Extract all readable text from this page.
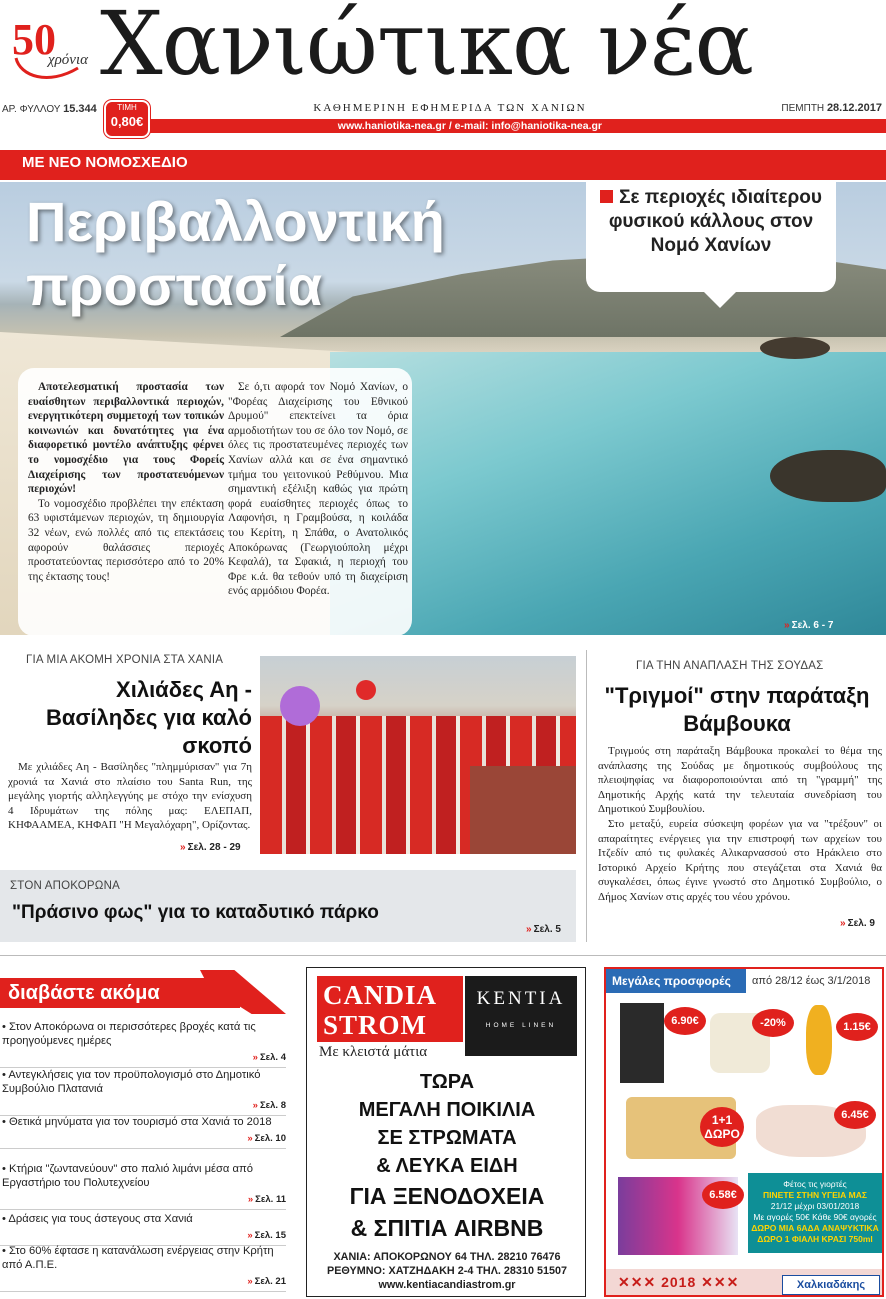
50
χρόνια Χανιώτικα νέα
ΑΡ. ΦΥΛΛΟΥ 15.344	ΤΙΜΗ
0,80€
ΚΑΘΗΜΕΡΙΝΗ ΕΦΗΜΕΡΙΔΑ ΤΩΝ ΧΑΝΙΩΝ	ΠΕΜΠΤΗ 28.12.2017
www.haniotika-nea.gr / e-mail: info@haniotika-nea.gr
ΜΕ ΝΕΟ ΝΟΜΟΣΧΕΔΙΟ
Περιβαλλοντική
προστασία
Σε περιοχές ιδιαίτερου φυσικού κάλλους στον Νομό Χανίων
Αποτελεσματική προστασία των ευαίσθητων περιβαλλοντικά περιοχών, ενεργητικότερη συμμετοχή των τοπικών κοινωνιών και δυνατότητες για ένα διαφορετικό μοντέλο ανάπτυξης φέρνει το νομοσχέδιο για τους Φορείς Διαχείρισης των προστατευόμενων περιοχών!
Το νομοσχέδιο προβλέπει την επέκταση 63 υφιστάμενων περιοχών, τη δημιουργία 32 νέων, ενώ πολλές από τις επεκτάσεις αφορούν θαλάσσιες περιοχές προστατεύοντας περισσότερο από το 20% της έκτασης τους!
Σε ό,τι αφορά τον Νομό Χανίων, ο "Φορέας Διαχείρισης του Εθνικού Δρυμού" επεκτείνει τα όρια αρμοδιοτήτων του σε όλο τον Νομό, σε όλες τις προστατευμένες περιοχές των Χανίων αλλά και σε ένα σημαντικό τμήμα του γειτονικού Ρεθύμνου. Μια σημαντική εξέλιξη καθώς για πρώτη φορά ευαίσθητες περιοχές όπως το Λαφονήσι, η Γραμβούσα, η κοιλάδα του Κερίτη, η Σπάθα, ο Ανατολικός Αποκόρωνας (Γεωργιούπολη μέχρι Κεφαλά), τα Σφακιά, η περιοχή του Φρε κ.ά. θα τεθούν υπό τη διαχείριση ενός αρμόδιου Φορέα.
» Σελ. 6 - 7
ΓΙΑ ΜΙΑ ΑΚΟΜΗ ΧΡΟΝΙΑ ΣΤΑ ΧΑΝΙΑ
Χιλιάδες Αη - Βασίληδες για καλό σκοπό
Με χιλιάδες Αη - Βασίληδες "πλημμύρισαν" για 7η χρονιά τα Χανιά στο πλαίσιο του Santa Run, της μεγάλης γιορτής αλληλεγγύης με στόχο την ενίσχυση 4 Ιδρυμάτων της πόλης μας: ΕΛΕΠΑΠ, ΚΗΦΑΑΜΕΑ, ΚΗΦΑΠ "Η Μεγαλόχαρη", Ορίζοντας.
» Σελ. 28 - 29
ΓΙΑ ΤΗΝ ΑΝΑΠΛΑΣΗ ΤΗΣ ΣΟΥΔΑΣ
"Τριγμοί" στην παράταξη Βάμβουκα
Τριγμούς στη παράταξη Βάμβουκα προκαλεί το θέμα της ανάπλασης της Σούδας με δημοτικούς συμβούλους της πλειοψηφίας να διαφοροποιούνται από τη "γραμμή" της Δημοτικής Αρχής κατά την τελευταία συνεδρίαση του Δημοτικού Συμβουλίου.
Στο μεταξύ, ευρεία σύσκεψη φορέων για να "τρέξουν" οι απαραίτητες ενέργειες για την επιστροφή των αρχείων του Ιτζεδίν από τις φυλακές Αλικαρνασσού στο Ηράκλειο στο Ιστορικό Αρχείο Κρήτης που στεγάζεται στα Χανιά θα συγκαλέσει, όπως έγινε γνωστό στο Δημοτικό Συμβούλιο, ο Δήμος Χανίων στις αρχές του νέου χρόνου.
» Σελ. 9
ΣΤΟΝ ΑΠΟΚΟΡΩΝΑ
"Πράσινο φως" για το καταδυτικό πάρκο
» Σελ. 5
διαβάστε ακόμα
• Στον Αποκόρωνα οι περισσότερες βροχές κατά τις προηγούμενες ημέρες
» Σελ. 4
• Αντεγκλήσεις για τον προϋπολογισμό στο Δημοτικό Συμβούλιο Πλατανιά
» Σελ. 8
• Θετικά μηνύματα για τον τουρισμό στα Χανιά το 2018
» Σελ. 10
• Κτήρια "ζωντανεύουν" στο παλιό λιμάνι μέσα από Εργαστήριο του Πολυτεχνείου
» Σελ. 11
• Δράσεις για τους άστεγους στα Χανιά
» Σελ. 15
• Στο 60% έφτασε η κατανάλωση ενέργειας στην Κρήτη από Α.Π.Ε.
» Σελ. 21
CANDIA
STROM
KENTIA
HOME LINEN
Με κλειστά μάτια
ΤΩΡΑ
ΜΕΓΑΛΗ ΠΟΙΚΙΛΙΑ
ΣΕ ΣΤΡΩΜΑΤΑ
& ΛΕΥΚΑ ΕΙΔΗ
ΓΙΑ ΞΕΝΟΔΟΧΕΙΑ
& ΣΠΙΤΙΑ AIRBNB
ΧΑΝΙΑ: ΑΠΟΚΟΡΩΝΟΥ 64 ΤΗΛ. 28210 76476
ΡΕΘΥΜΝΟ: ΧΑΤΖΗΔΑΚΗ 2-4 ΤΗΛ. 28310 51507
www.kentiacandiastrom.gr
Μεγάλες προσφορές	από 28/12 έως 3/1/2018
6.90€	-20%	1.15€
1+1 ΔΩΡΟ
6.45€
6.58€
Φέτος τις γιορτές
ΠΙΝΕΤΕ ΣΤΗΝ ΥΓΕΙΑ ΜΑΣ
21/12 μέχρι 03/01/2018
Με αγορές 50€ Κάθε 90€ αγορές
ΔΩΡΟ ΜΙΑ 6ΑΔΑ ΑΝΑΨΥΚΤΙΚΑ ΔΩΡΟ 1 ΦΙΑΛΗ ΚΡΑΣΙ 750ml
✕✕✕ 2018 ✕✕✕	Χαλκιαδάκης
